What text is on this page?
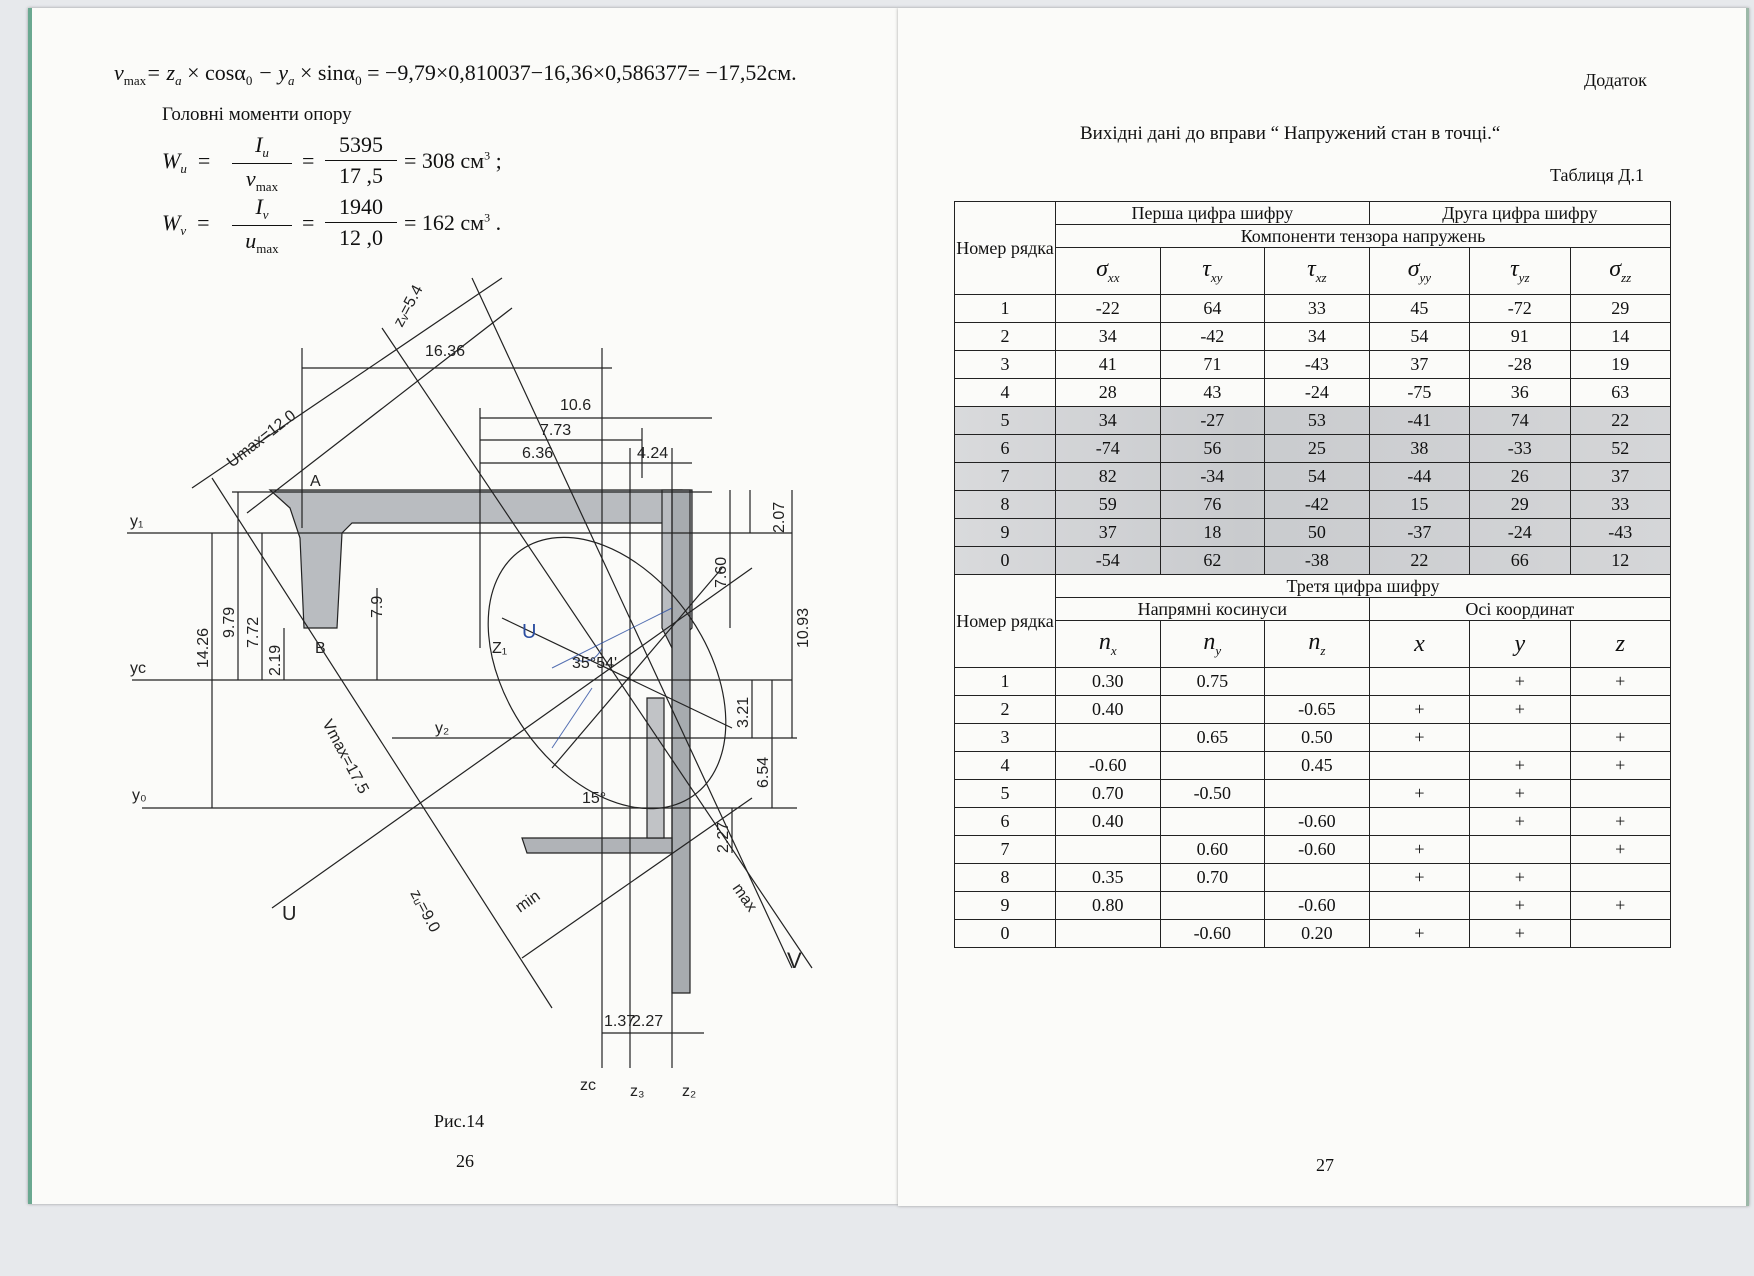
$v_{max}= z_a \times \cos\alpha_0 - y_a \times \sin\alpha_0 = -9,79\times 0,810037-16,36\times 0,586377= -17,52см$.
Головні моменти опору
$W_u$  =
$I_u$
$v_{max}$
= $\frac{5395}{17 ,5} = 308$ $см^3$ ;
$W_v$  =
$I_v$
$u_{max}$
= $\frac{1940}{12 ,0} = 162$ $см^3$ .
zᵥ=5.4
16.36
Umax=12.0
10.6
7.73
6.36	4.24
A
B
y₁
yᴄ
y₂
y₀
14.26
9.79 7.72
2.19
7.9
Z₁
U
35°54'
Vmax=17.5
15°
zᵤ=9.0
U	min	max
V
2.07
7.60
10.93
3.21
6.54
2.27
1.37
2.27
zᴄ z₃ z₂
Рис.14
26
Додаток
Вихідні дані до вправи “ Напружений стан в точці.“
Таблиця Д.1
Номер рядка	Перша цифра шифру			Друга цифра шифру		
	Компоненти тензора напружень					
	$\sigma_{xx}$	$\tau_{xy}$	$\tau_{xz}$	$\sigma_{yy}$	$\tau_{yz}$	$\sigma_{zz}$
1	-22	64	33	45	-72	29
2	34	-42	34	54	91	14
3	41	71	-43	37	-28	19
4	28	43	-24	-75	36	63
5	34	-27	53	-41	74	22
6	-74	56	25	38	-33	52
7	82	-34	54	-44	26	37
8	59	76	-42	15	29	33
9	37	18	50	-37	-24	-43
0	-54	62	-38	22	66	12
Номер рядка	Третя цифра шифру					
	Напрямні косинуси			Осі координат		
	$n_x$	$n_y$	$n_z$	x	y	z
1	0.30	0.75			+	+
2	0.40		-0.65	+	+	
3		0.65	0.50	+		+
4	-0.60		0.45		+	+
5	0.70	-0.50		+	+	
6	0.40		-0.60		+	+
7		0.60	-0.60	+		+
8	0.35	0.70		+	+	
9	0.80		-0.60		+	+
0		-0.60	0.20	+	+	
27
